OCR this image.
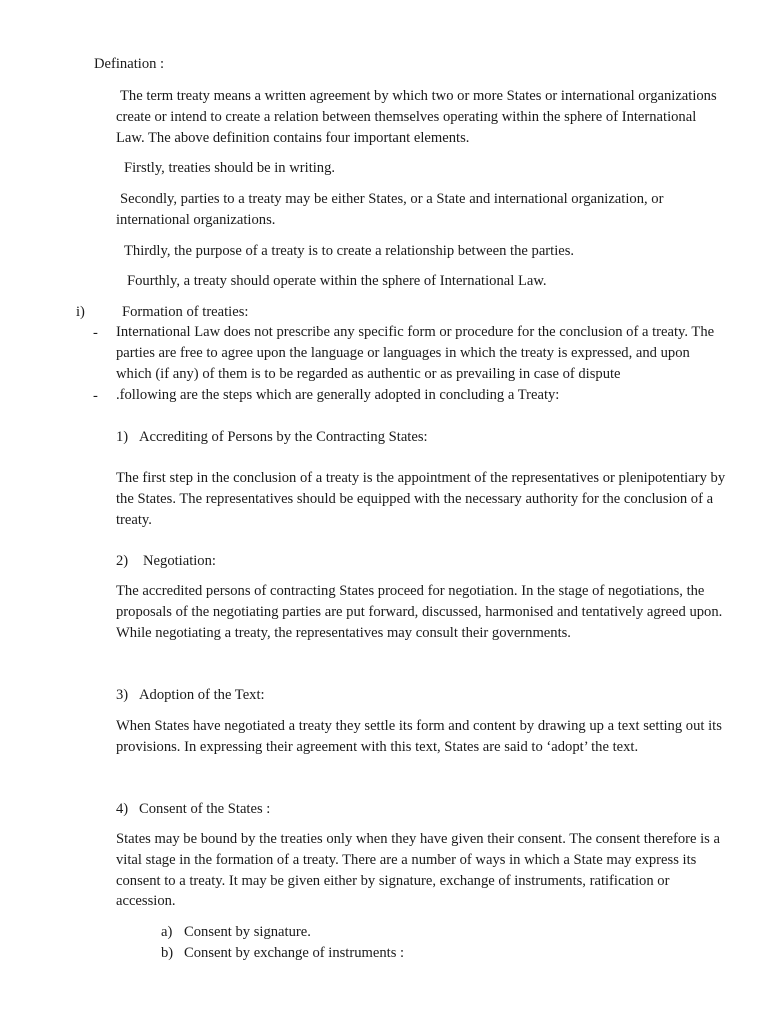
Defination :

The term treaty means a written agreement by which two or more States or international organizations create or intend to create a relation between themselves operating within the sphere of International Law. The above definition contains four important elements.

Firstly, treaties should be in writing.

Secondly, parties to a treaty may be either States, or a State and international organization, or international organizations.

Thirdly, the purpose of a treaty is to create a relationship between the parties.

Fourthly, a treaty should operate within the sphere of International Law.

i)	Formation of treaties:

- International Law does not prescribe any specific form or procedure for the conclusion of a treaty. The parties are free to agree upon the language or languages in which the treaty is expressed, and upon which (if any) of them is to be regarded as authentic or as prevailing in case of dispute

- .following are the steps which are generally adopted in concluding a Treaty:

1) Accrediting of Persons by the Contracting States:

The first step in the conclusion of a treaty is the appointment of the representatives or plenipotentiary by the States. The representatives should be equipped with the necessary authority for the conclusion of a treaty.

2) Negotiation:

The accredited persons of contracting States proceed for negotiation. In the stage of negotiations, the proposals of the negotiating parties are put forward, discussed, harmonised and tentatively agreed upon. While negotiating a treaty, the representatives may consult their governments.

3) Adoption of the Text:

When States have negotiated a treaty they settle its form and content by drawing up a text setting out its provisions. In expressing their agreement with this text, States are said to ‘adopt’ the text.

4) Consent of the States :

States may be bound by the treaties only when they have given their consent. The consent therefore is a vital stage in the formation of a treaty. There are a number of ways in which a State may express its consent to a treaty. It may be given either by signature, exchange of instruments, ratification or accession.

a) Consent by signature.

b) Consent by exchange of instruments :
